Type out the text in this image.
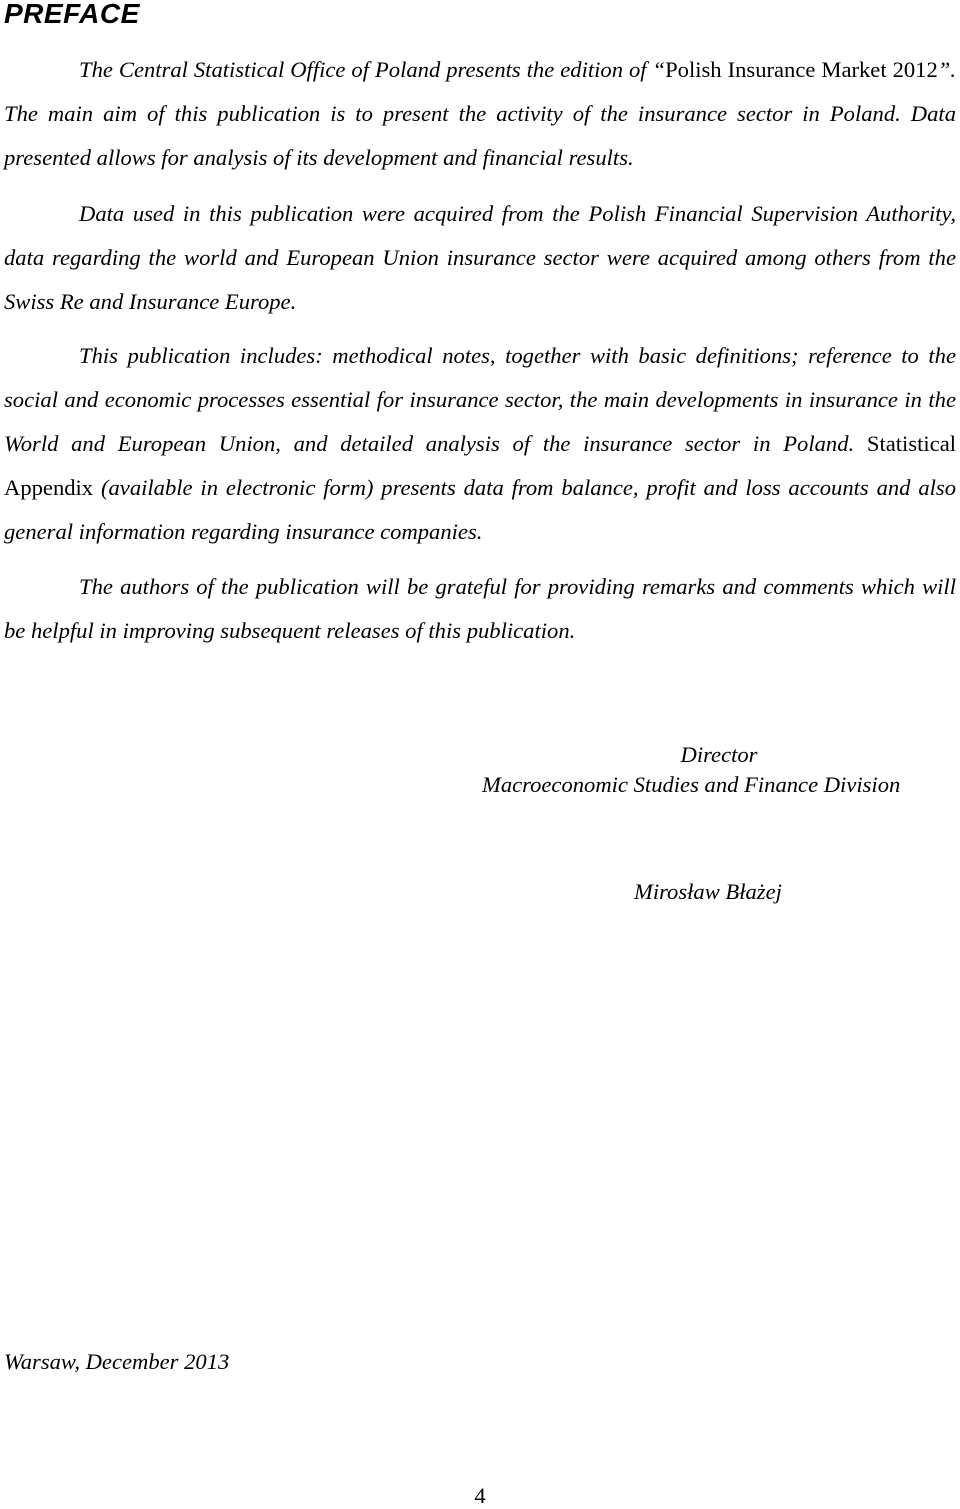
PREFACE

The Central Statistical Office of Poland presents the edition of “Polish Insurance Market 2012”. The main aim of this publication is to present the activity of the insurance sector in Poland. Data presented allows for analysis of its development and financial results.

Data used in this publication were acquired from the Polish Financial Supervision Authority, data regarding the world and European Union insurance sector were acquired among others from the Swiss Re and Insurance Europe.

This publication includes: methodical notes, together with basic definitions; reference to the social and economic processes essential for insurance sector, the main developments in insurance in the World and European Union, and detailed analysis of the insurance sector in Poland. Statistical Appendix (available in electronic form) presents data from balance, profit and loss accounts and also general information regarding insurance companies.

The authors of the publication will be grateful for providing remarks and comments which will be helpful in improving subsequent releases of this publication.

Director
Macroeconomic Studies and Finance Division
Mirosław Błażej
Warsaw, December 2013
4
